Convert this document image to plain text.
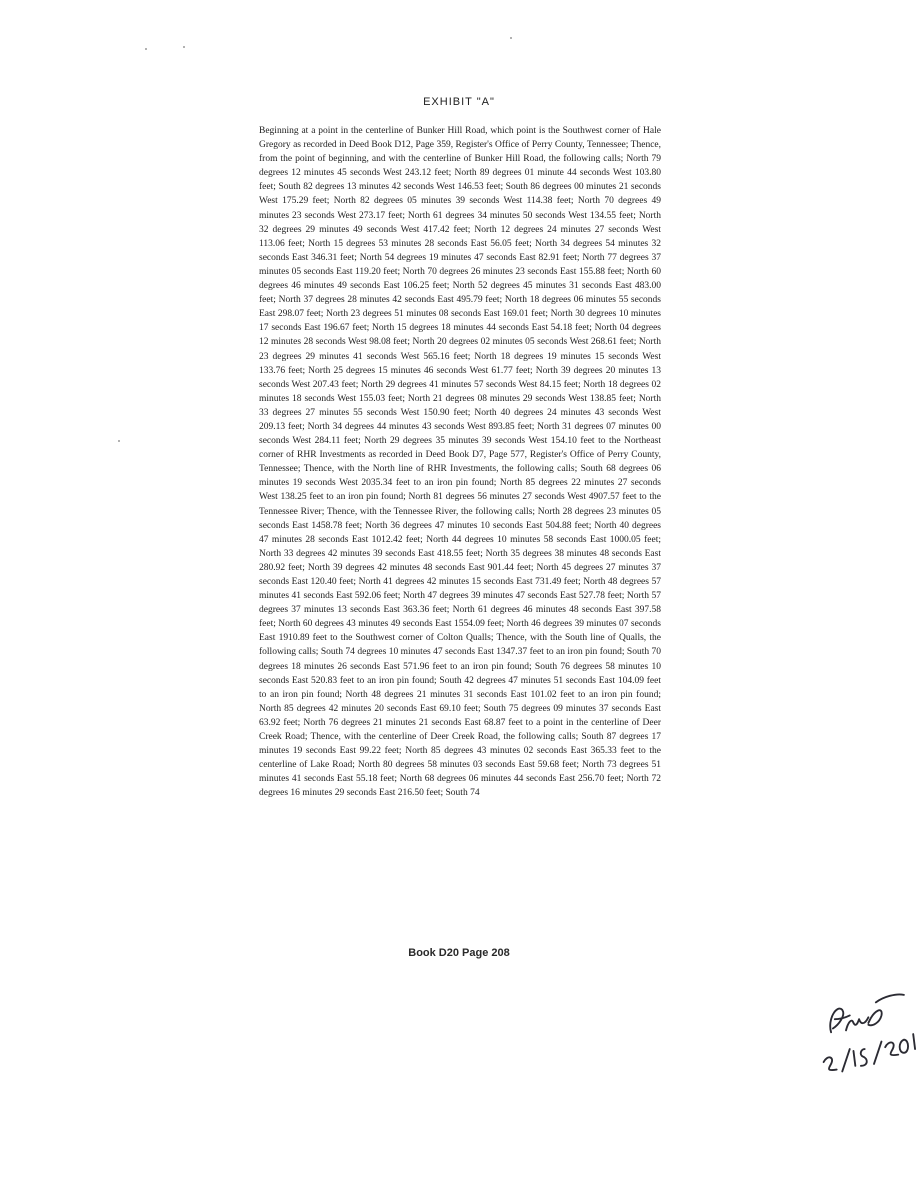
EXHIBIT "A"
Beginning at a point in the centerline of Bunker Hill Road, which point is the Southwest corner of Hale Gregory as recorded in Deed Book D12, Page 359, Register's Office of Perry County, Tennessee; Thence, from the point of beginning, and with the centerline of Bunker Hill Road, the following calls; North 79 degrees 12 minutes 45 seconds West 243.12 feet; North 89 degrees 01 minute 44 seconds West 103.80 feet; South 82 degrees 13 minutes 42 seconds West 146.53 feet; South 86 degrees 00 minutes 21 seconds West 175.29 feet; North 82 degrees 05 minutes 39 seconds West 114.38 feet; North 70 degrees 49 minutes 23 seconds West 273.17 feet; North 61 degrees 34 minutes 50 seconds West 134.55 feet; North 32 degrees 29 minutes 49 seconds West 417.42 feet; North 12 degrees 24 minutes 27 seconds West 113.06 feet; North 15 degrees 53 minutes 28 seconds East 56.05 feet; North 34 degrees 54 minutes 32 seconds East 346.31 feet; North 54 degrees 19 minutes 47 seconds East 82.91 feet; North 77 degrees 37 minutes 05 seconds East 119.20 feet; North 70 degrees 26 minutes 23 seconds East 155.88 feet; North 60 degrees 46 minutes 49 seconds East 106.25 feet; North 52 degrees 45 minutes 31 seconds East 483.00 feet; North 37 degrees 28 minutes 42 seconds East 495.79 feet; North 18 degrees 06 minutes 55 seconds East 298.07 feet; North 23 degrees 51 minutes 08 seconds East 169.01 feet; North 30 degrees 10 minutes 17 seconds East 196.67 feet; North 15 degrees 18 minutes 44 seconds East 54.18 feet; North 04 degrees 12 minutes 28 seconds West 98.08 feet; North 20 degrees 02 minutes 05 seconds West 268.61 feet; North 23 degrees 29 minutes 41 seconds West 565.16 feet; North 18 degrees 19 minutes 15 seconds West 133.76 feet; North 25 degrees 15 minutes 46 seconds West 61.77 feet; North 39 degrees 20 minutes 13 seconds West 207.43 feet; North 29 degrees 41 minutes 57 seconds West 84.15 feet; North 18 degrees 02 minutes 18 seconds West 155.03 feet; North 21 degrees 08 minutes 29 seconds West 138.85 feet; North 33 degrees 27 minutes 55 seconds West 150.90 feet; North 40 degrees 24 minutes 43 seconds West 209.13 feet; North 34 degrees 44 minutes 43 seconds West 893.85 feet; North 31 degrees 07 minutes 00 seconds West 284.11 feet; North 29 degrees 35 minutes 39 seconds West 154.10 feet to the Northeast corner of RHR Investments as recorded in Deed Book D7, Page 577, Register's Office of Perry County, Tennessee; Thence, with the North line of RHR Investments, the following calls; South 68 degrees 06 minutes 19 seconds West 2035.34 feet to an iron pin found; North 85 degrees 22 minutes 27 seconds West 138.25 feet to an iron pin found; North 81 degrees 56 minutes 27 seconds West 4907.57 feet to the Tennessee River; Thence, with the Tennessee River, the following calls; North 28 degrees 23 minutes 05 seconds East 1458.78 feet; North 36 degrees 47 minutes 10 seconds East 504.88 feet; North 40 degrees 47 minutes 28 seconds East 1012.42 feet; North 44 degrees 10 minutes 58 seconds East 1000.05 feet; North 33 degrees 42 minutes 39 seconds East 418.55 feet; North 35 degrees 38 minutes 48 seconds East 280.92 feet; North 39 degrees 42 minutes 48 seconds East 901.44 feet; North 45 degrees 27 minutes 37 seconds East 120.40 feet; North 41 degrees 42 minutes 15 seconds East 731.49 feet; North 48 degrees 57 minutes 41 seconds East 592.06 feet; North 47 degrees 39 minutes 47 seconds East 527.78 feet; North 57 degrees 37 minutes 13 seconds East 363.36 feet; North 61 degrees 46 minutes 48 seconds East 397.58 feet; North 60 degrees 43 minutes 49 seconds East 1554.09 feet; North 46 degrees 39 minutes 07 seconds East 1910.89 feet to the Southwest corner of Colton Qualls; Thence, with the South line of Qualls, the following calls; South 74 degrees 10 minutes 47 seconds East 1347.37 feet to an iron pin found; South 70 degrees 18 minutes 26 seconds East 571.96 feet to an iron pin found; South 76 degrees 58 minutes 10 seconds East 520.83 feet to an iron pin found; South 42 degrees 47 minutes 51 seconds East 104.09 feet to an iron pin found; North 48 degrees 21 minutes 31 seconds East 101.02 feet to an iron pin found; North 85 degrees 42 minutes 20 seconds East 69.10 feet; South 75 degrees 09 minutes 37 seconds East 63.92 feet; North 76 degrees 21 minutes 21 seconds East 68.87 feet to a point in the centerline of Deer Creek Road; Thence, with the centerline of Deer Creek Road, the following calls; South 87 degrees 17 minutes 19 seconds East 99.22 feet; North 85 degrees 43 minutes 02 seconds East 365.33 feet to the centerline of Lake Road; North 80 degrees 58 minutes 03 seconds East 59.68 feet; North 73 degrees 51 minutes 41 seconds East 55.18 feet; North 68 degrees 06 minutes 44 seconds East 256.70 feet; North 72 degrees 16 minutes 29 seconds East 216.50 feet; South 74
Book D20 Page 208
